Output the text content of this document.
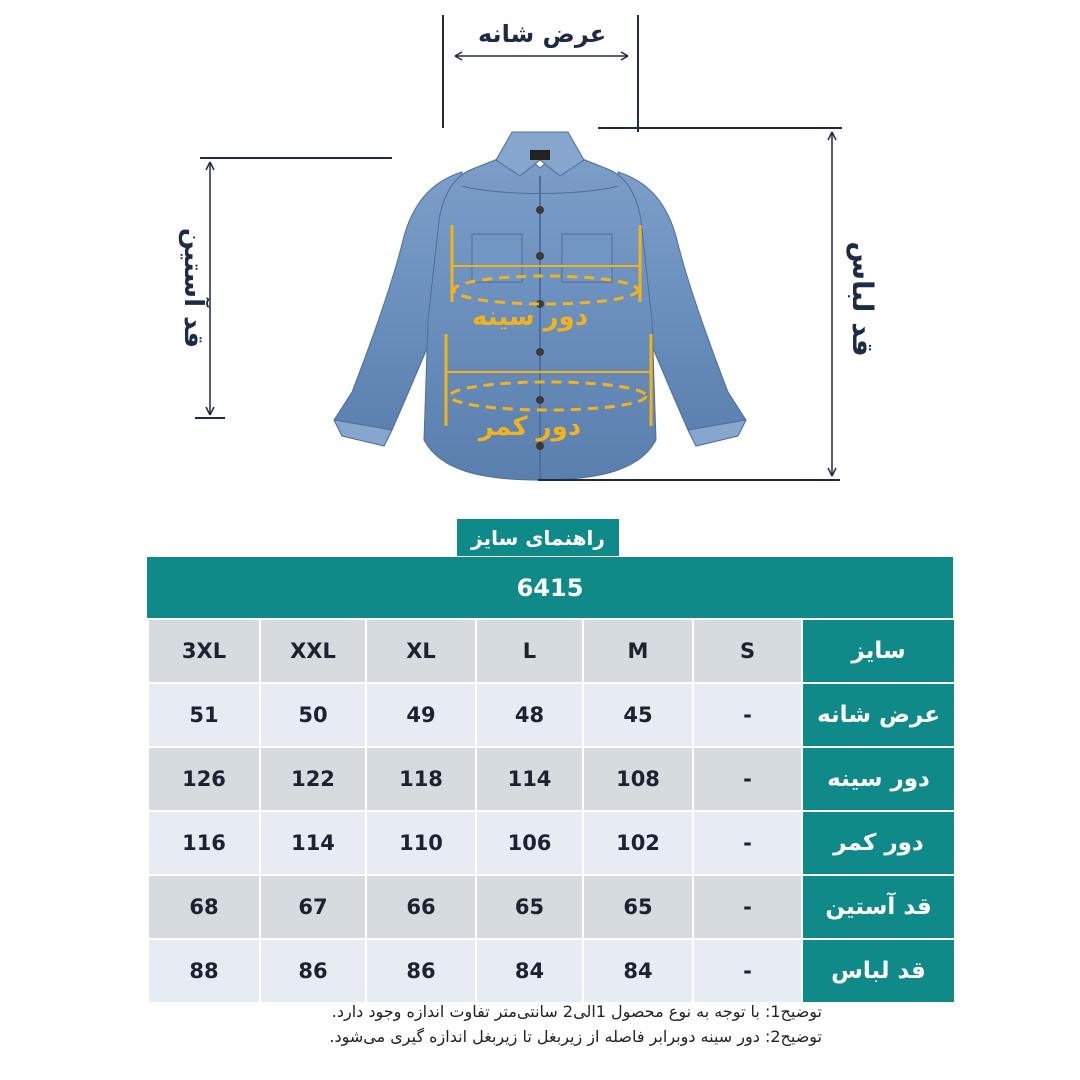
عرض شانه
قد آستین	قد لباس
دور سینه
دور کمر
راهنمای سایز
6415
3XL	XXL	XL	L	M	S	سایز
51	50	49	48	45	-	عرض شانه
126	122	118	114	108	-	دور سینه
116	114	110	106	102	-	دور کمر
68	67	66	65	65	-	قد آستین
88	86	86	84	84	-	قد لباس
توضیح1: با توجه به نوع محصول 1الی2 سانتی‌متر تفاوت اندازه وجود دارد.
توضیح2: دور سینه دوبرابر فاصله از زیربغل تا زیربغل اندازه گیری می‌شود.
